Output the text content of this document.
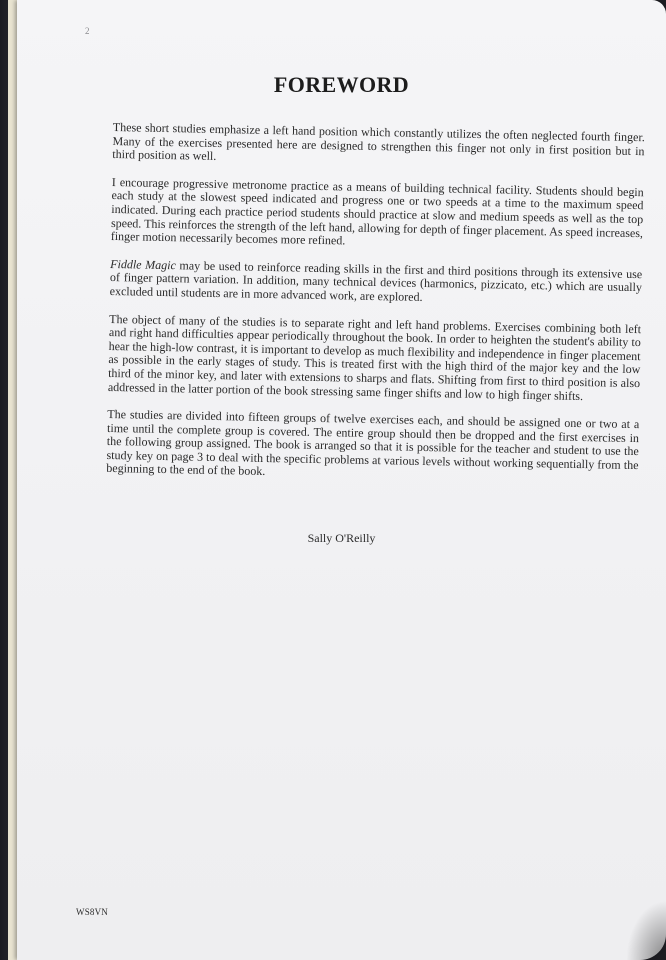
2
FOREWORD

These short studies emphasize a left hand position which constantly utilizes the often neglected fourth finger. Many of the exercises presented here are designed to strengthen this finger not only in first position but in third position as well.

I encourage progressive metronome practice as a means of building technical facility. Students should begin each study at the slowest speed indicated and progress one or two speeds at a time to the maximum speed indicated. During each practice period students should practice at slow and medium speeds as well as the top speed. This reinforces the strength of the left hand, allowing for depth of finger placement. As speed increases, finger motion necessarily becomes more refined.

Fiddle Magic may be used to reinforce reading skills in the first and third positions through its extensive use of finger pattern variation. In addition, many technical devices (harmonics, pizzicato, etc.) which are usually excluded until students are in more advanced work, are explored.

The object of many of the studies is to separate right and left hand problems. Exercises combining both left and right hand difficulties appear periodically throughout the book. In order to heighten the student's ability to hear the high-low contrast, it is important to develop as much flexibility and independence in finger placement as possible in the early stages of study. This is treated first with the high third of the major key and the low third of the minor key, and later with extensions to sharps and flats. Shifting from first to third position is also addressed in the latter portion of the book stressing same finger shifts and low to high finger shifts.

The studies are divided into fifteen groups of twelve exercises each, and should be assigned one or two at a time until the complete group is covered. The entire group should then be dropped and the first exercises in the following group assigned. The book is arranged so that it is possible for the teacher and student to use the study key on page 3 to deal with the specific problems at various levels without working sequentially from the beginning to the end of the book.

Sally O'Reilly
WS8VN
